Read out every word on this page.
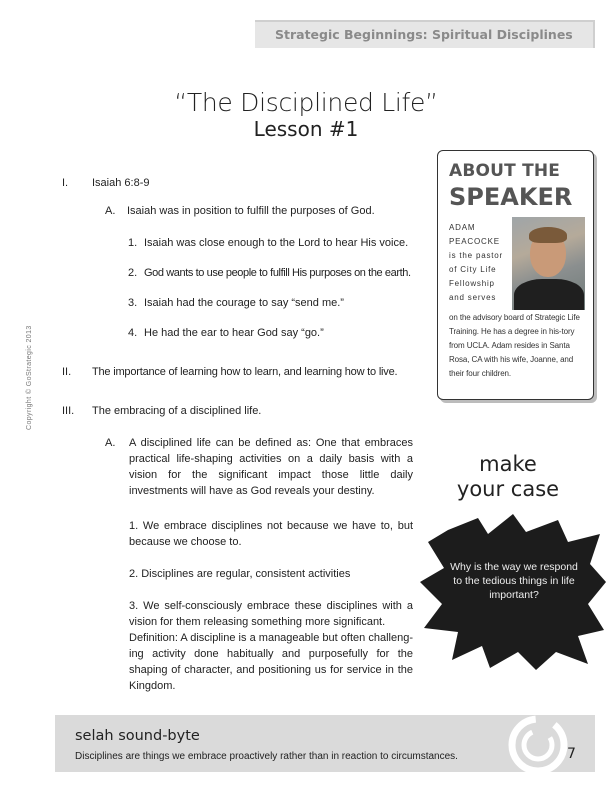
Strategic Beginnings: Spiritual Disciplines
“The Disciplined Life”
Lesson #1
Copyright © GoStrategic 2013
I. Isaiah 6:8-9
A. Isaiah was in position to fulfill the purposes of God.
1. Isaiah was close enough to the Lord to hear His voice.
2. God wants to use people to fulfill His purposes on the earth.
3. Isaiah had the courage to say “send me.”
4. He had the ear to hear God say “go.”
II. The importance of learning how to learn, and learning how to live.
III. The embracing of a disciplined life.
A. A disciplined life can be defined as: One that embraces practical life-shaping activities on a daily basis with a vision for the significant impact those little daily investments will have as God reveals your destiny.
1. We embrace disciplines not because we have to, but because we choose to.
2. Disciplines are regular, consistent activities
3. We self-consciously embrace these disciplines with a vision for them releasing something more significant.
Definition: A discipline is a manageable but often challeng-ing activity done habitually and purposefully for the shaping of character, and positioning us for service in the Kingdom.
ABOUT THE
SPEAKER
ADAM
PEACOCKE
is the pastor
of City Life
Fellowship
and serves
on the advisory board of Strategic Life Training. He has a degree in his-tory from UCLA. Adam resides in Santa Rosa, CA with his wife, Joanne, and their four children.
make
your case
Why is the way we respond to the tedious things in life important?
selah sound-byte
Disciplines are things we embrace proactively rather than in reaction to circumstances.	7
